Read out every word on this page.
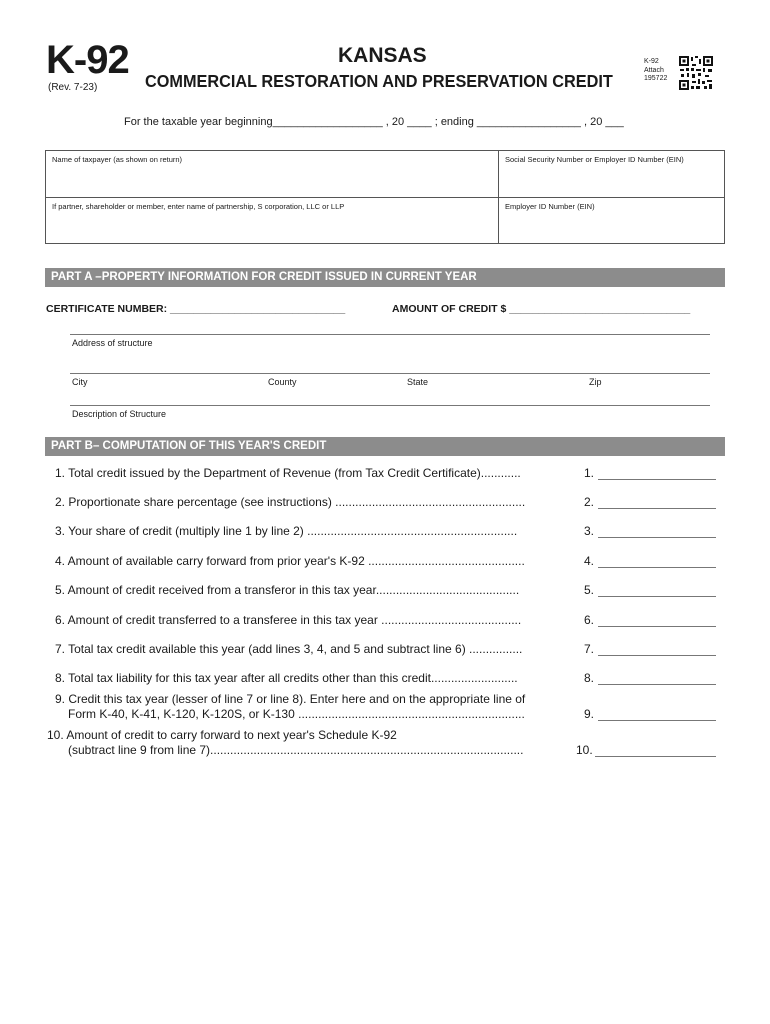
K-92
(Rev. 7-23)
KANSAS
COMMERCIAL RESTORATION AND PRESERVATION CREDIT
K-92
Attach
195722
For the taxable year beginning__________________ , 20 ____ ; ending _________________ , 20 ___
Name of taxpayer (as shown on return)	Social Security Number or Employer ID Number (EIN)
If partner, shareholder or member, enter name of partnership, S corporation, LLC or LLP	Employer ID Number (EIN)
PART A –PROPERTY INFORMATION FOR CREDIT ISSUED IN CURRENT YEAR
CERTIFICATE NUMBER: ______________________________	AMOUNT OF CREDIT $ _______________________________
Address of structure
City	County	State	Zip
Description of Structure
PART B– COMPUTATION OF THIS YEAR'S CREDIT
1. Total credit issued by the Department of Revenue (from Tax Credit Certificate)............	1.
2. Proportionate share percentage (see instructions) .........................................................	2.
3. Your share of credit (multiply line 1 by line 2) ...............................................................	3.
4. Amount of available carry forward from prior year's K-92 ...............................................	4.
5. Amount of credit received from a transferor in this tax year...........................................	5.
6. Amount of credit transferred to a transferee in this tax year ..........................................	6.
7. Total tax credit available this year (add lines 3, 4, and 5 and subtract line 6) ................	7.
8. Total tax liability for this tax year after all credits other than this credit..........................	8.
9. Credit this tax year (lesser of line 7 or line 8). Enter here and on the appropriate line of
Form K-40, K-41, K-120, K-120S, or K-130 ....................................................................	9.
10. Amount of credit to carry forward to next year's Schedule K-92
(subtract line 9 from line 7)..............................................................................................	10.
